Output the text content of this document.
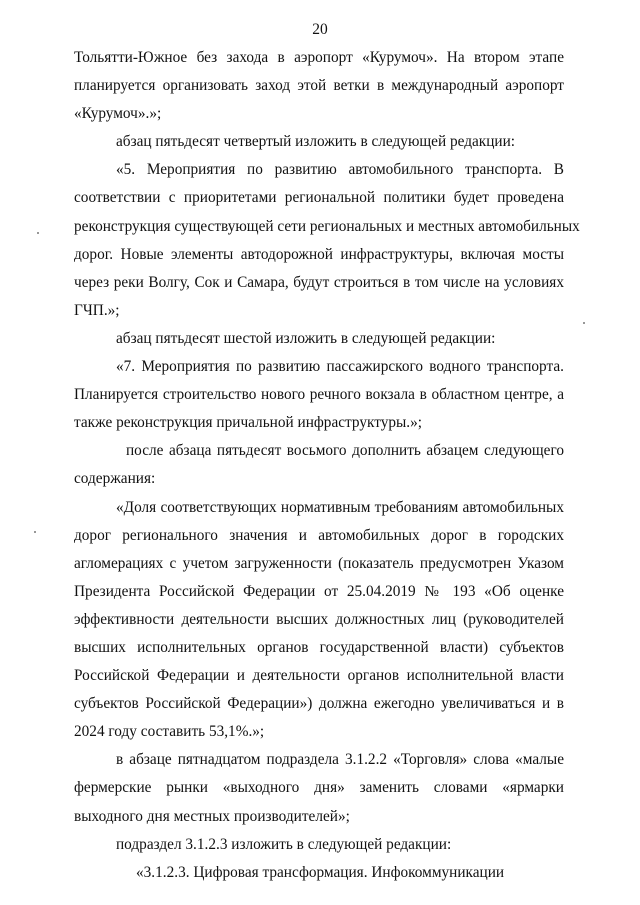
20
Тольятти-Южное без захода в аэропорт «Курумоч». На втором этапе
планируется организовать заход этой ветки в международный аэропорт
«Курумоч».»;
абзац пятьдесят четвертый изложить в следующей редакции:
«5. Мероприятия по развитию автомобильного транспорта. В
соответствии с приоритетами региональной политики будет проведена
реконструкция существующей сети региональных и местных автомобильных
дорог. Новые элементы автодорожной инфраструктуры, включая мосты
через реки Волгу, Сок и Самара, будут строиться в том числе на условиях
ГЧП.»;
абзац пятьдесят шестой изложить в следующей редакции:
«7. Мероприятия по развитию пассажирского водного транспорта.
Планируется строительство нового речного вокзала в областном центре, а
также реконструкция причальной инфраструктуры.»;
после абзаца пятьдесят восьмого дополнить абзацем следующего
содержания:
«Доля соответствующих нормативным требованиям автомобильных
дорог регионального значения и автомобильных дорог в городских
агломерациях с учетом загруженности (показатель предусмотрен Указом
Президента Российской Федерации от 25.04.2019 № 193 «Об оценке
эффективности деятельности высших должностных лиц (руководителей
высших исполнительных органов государственной власти) субъектов
Российской Федерации и деятельности органов исполнительной власти
субъектов Российской Федерации») должна ежегодно увеличиваться и в
2024 году составить 53,1%.»;
в абзаце пятнадцатом подраздела 3.1.2.2 «Торговля» слова «малые
фермерские рынки «выходного дня» заменить словами «ярмарки
выходного дня местных производителей»;
подраздел 3.1.2.3 изложить в следующей редакции:
«3.1.2.3. Цифровая трансформация. Инфокоммуникации
